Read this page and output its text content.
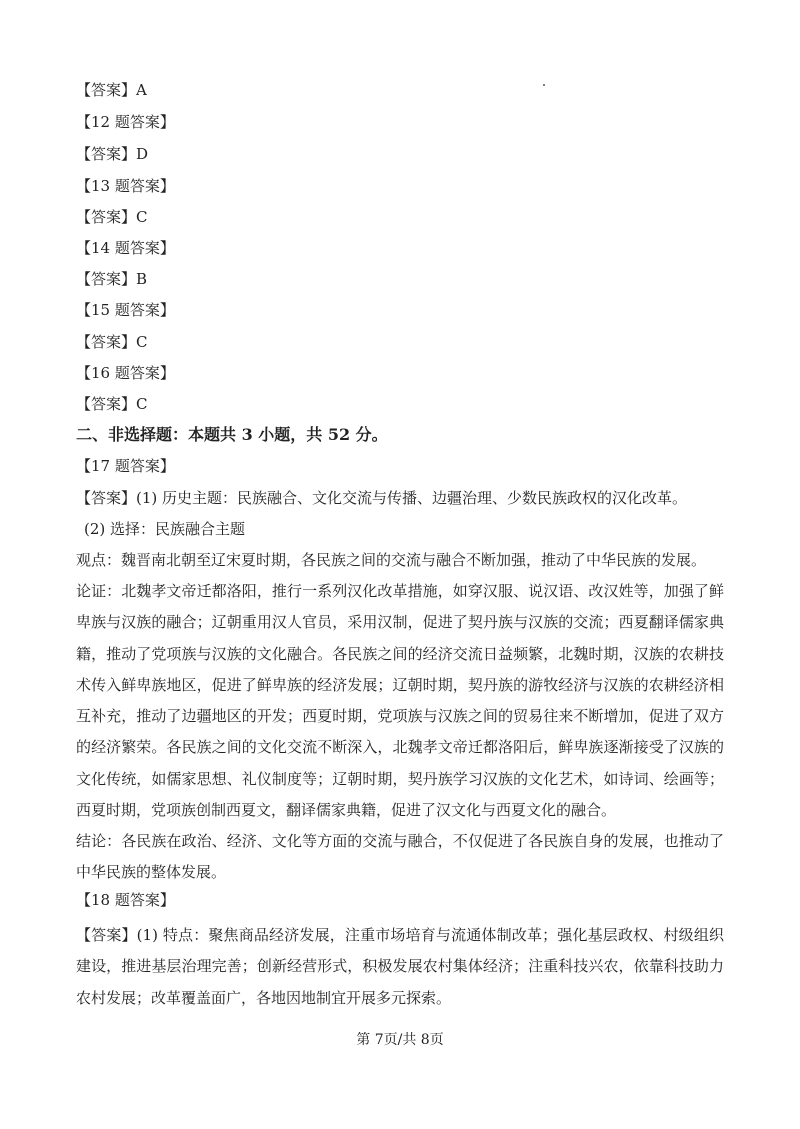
【答案】A
【12 题答案】
【答案】D
【13 题答案】
【答案】C
【14 题答案】
【答案】B
【15 题答案】
【答案】C
【16 题答案】
【答案】C
二、非选择题：本题共 3 小题，共 52 分。
【17 题答案】
【答案】(1) 历史主题：民族融合、文化交流与传播、边疆治理、少数民族政权的汉化改革。
(2) 选择：民族融合主题
观点：魏晋南北朝至辽宋夏时期，各民族之间的交流与融合不断加强，推动了中华民族的发展。
论证：北魏孝文帝迁都洛阳，推行一系列汉化改革措施，如穿汉服、说汉语、改汉姓等，加强了鲜卑族与汉族的融合；辽朝重用汉人官员，采用汉制，促进了契丹族与汉族的交流；西夏翻译儒家典籍，推动了党项族与汉族的文化融合。各民族之间的经济交流日益频繁，北魏时期，汉族的农耕技术传入鲜卑族地区，促进了鲜卑族的经济发展；辽朝时期，契丹族的游牧经济与汉族的农耕经济相互补充，推动了边疆地区的开发；西夏时期，党项族与汉族之间的贸易往来不断增加，促进了双方的经济繁荣。各民族之间的文化交流不断深入，北魏孝文帝迁都洛阳后，鲜卑族逐渐接受了汉族的文化传统，如儒家思想、礼仪制度等；辽朝时期，契丹族学习汉族的文化艺术，如诗词、绘画等；西夏时期，党项族创制西夏文，翻译儒家典籍，促进了汉文化与西夏文化的融合。
结论：各民族在政治、经济、文化等方面的交流与融合，不仅促进了各民族自身的发展，也推动了中华民族的整体发展。
【18 题答案】
【答案】(1) 特点：聚焦商品经济发展，注重市场培育与流通体制改革；强化基层政权、村级组织建设，推进基层治理完善；创新经营形式，积极发展农村集体经济；注重科技兴农，依靠科技助力农村发展；改革覆盖面广，各地因地制宜开展多元探索。
第 7页/共 8页
